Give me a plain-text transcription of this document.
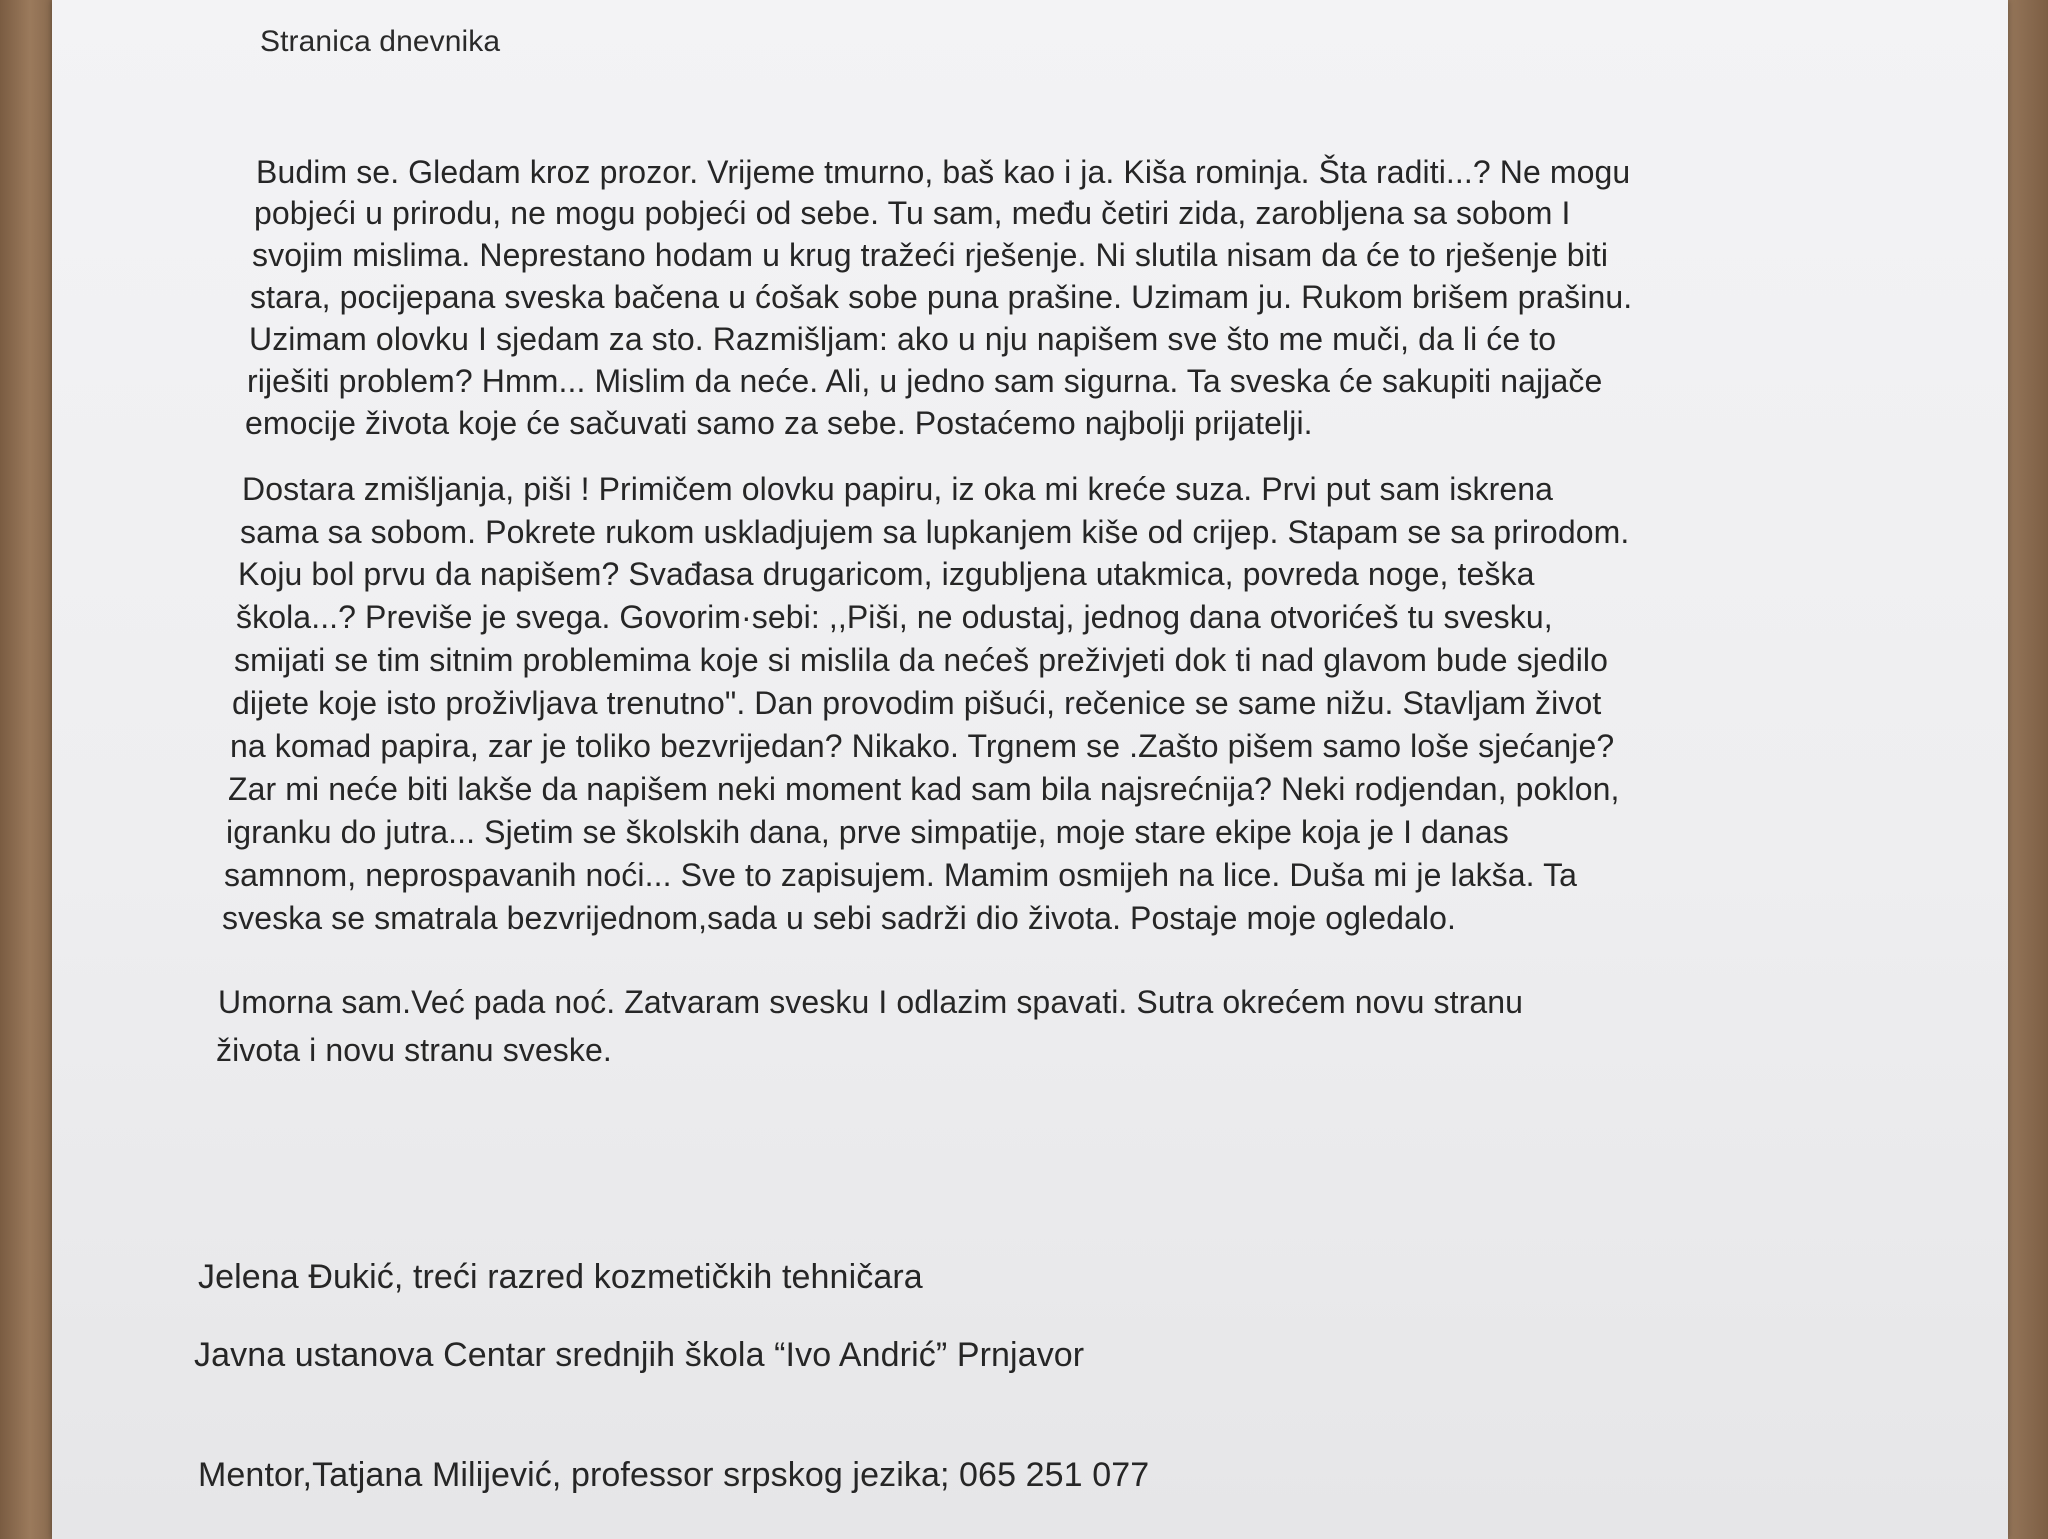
Stranica dnevnika

Budim se. Gledam kroz prozor. Vrijeme tmurno, baš kao i ja. Kiša rominja. Šta raditi...? Ne mogu

pobjeći u prirodu, ne mogu pobjeći od sebe. Tu sam, među četiri zida, zarobljena sa sobom I

svojim mislima. Neprestano hodam u krug tražeći rješenje. Ni slutila nisam da će to rješenje biti

stara, pocijepana sveska bačena u ćošak sobe puna prašine. Uzimam ju. Rukom brišem prašinu.

Uzimam olovku I sjedam za sto. Razmišljam: ako u nju napišem sve što me muči, da li će to

riješiti problem? Hmm... Mislim da neće. Ali, u jedno sam sigurna. Ta sveska će sakupiti najjače

emocije života koje će sačuvati samo za sebe. Postaćemo najbolji prijatelji.

Dostara zmišljanja, piši ! Primičem olovku papiru, iz oka mi kreće suza. Prvi put sam iskrena

sama sa sobom. Pokrete rukom uskladjujem sa lupkanjem kiše od crijep. Stapam se sa prirodom.

Koju bol prvu da napišem? Svađasa drugaricom, izgubljena utakmica, povreda noge, teška

škola...? Previše je svega. Govorim·sebi: ,,Piši, ne odustaj, jednog dana otvorićeš tu svesku,

smijati se tim sitnim problemima koje si mislila da nećeš preživjeti dok ti nad glavom bude sjedilo

dijete koje isto proživljava trenutno". Dan provodim pišući, rečenice se same nižu. Stavljam život

na komad papira, zar je toliko bezvrijedan? Nikako. Trgnem se .Zašto pišem samo loše sjećanje?

Zar mi neće biti lakše da napišem neki moment kad sam bila najsrećnija? Neki rodjendan, poklon,

igranku do jutra... Sjetim se školskih dana, prve simpatije, moje stare ekipe koja je I danas

samnom, neprospavanih noći... Sve to zapisujem. Mamim osmijeh na lice. Duša mi je lakša. Ta

sveska se smatrala bezvrijednom,sada u sebi sadrži dio života. Postaje moje ogledalo.

Umorna sam.Već pada noć. Zatvaram svesku I odlazim spavati. Sutra okrećem novu stranu

života i novu stranu sveske.

Jelena Đukić, treći razred kozmetičkih tehničara

Javna ustanova Centar srednjih škola “Ivo Andrić” Prnjavor

Mentor,Tatjana Milijević, professor srpskog jezika; 065 251 077
